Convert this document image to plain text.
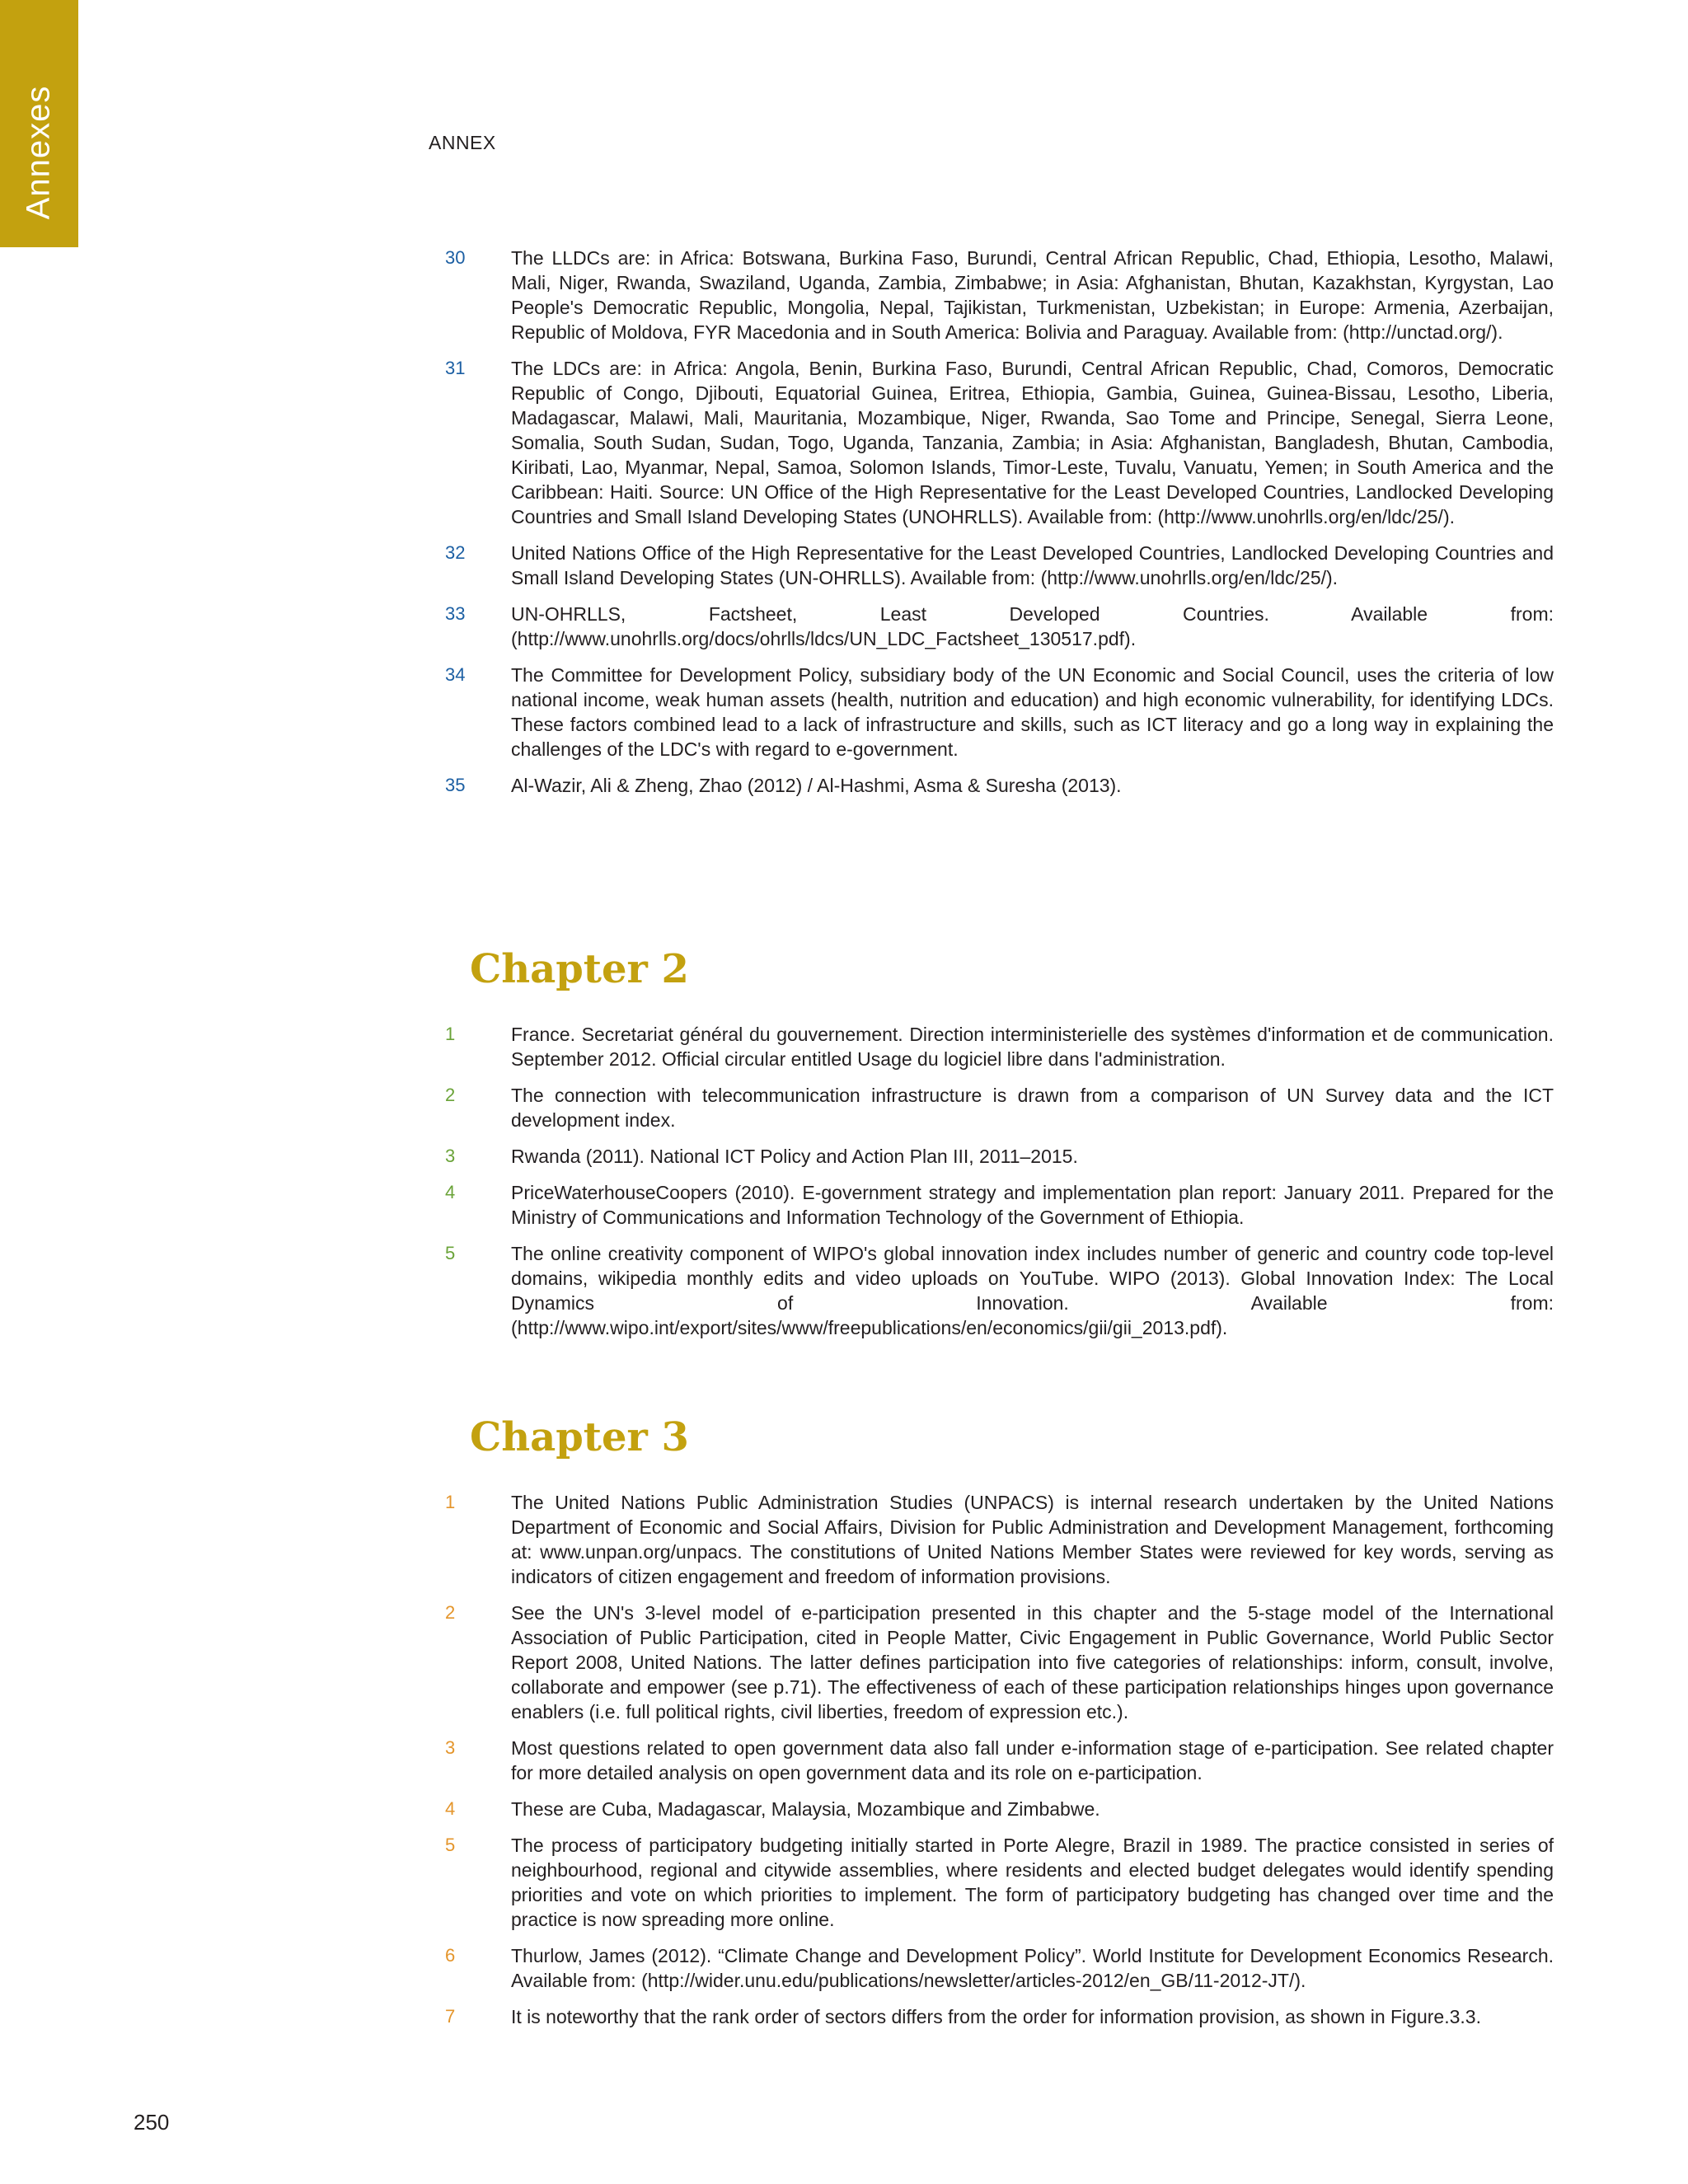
Annexes	ANNEX
30	The LLDCs are: in Africa: Botswana, Burkina Faso, Burundi, Central African Republic, Chad, Ethiopia, Lesotho, Malawi, Mali, Niger, Rwanda, Swaziland, Uganda, Zambia, Zimbabwe; in Asia: Afghanistan, Bhutan, Kazakhstan, Kyrgystan, Lao People's Democratic Republic, Mongolia, Nepal, Tajikistan, Turkmenistan, Uzbekistan; in Europe: Armenia, Azerbaijan, Republic of Moldova, FYR Macedonia and in South America: Bolivia and Paraguay. Available from: (http://unctad.org/).
31	The LDCs are: in Africa: Angola, Benin, Burkina Faso, Burundi, Central African Republic, Chad, Comoros, Democratic Republic of Congo, Djibouti, Equatorial Guinea, Eritrea, Ethiopia, Gambia, Guinea, Guinea-Bissau, Lesotho, Liberia, Madagascar, Malawi, Mali, Mauritania, Mozambique, Niger, Rwanda, Sao Tome and Principe, Senegal, Sierra Leone, Somalia, South Sudan, Sudan, Togo, Uganda, Tanzania, Zambia; in Asia: Afghanistan, Bangladesh, Bhutan, Cambodia, Kiribati, Lao, Myanmar, Nepal, Samoa, Solomon Islands, Timor-Leste, Tuvalu, Vanuatu, Yemen; in South America and the Caribbean: Haiti. Source: UN Office of the High Representative for the Least Developed Countries, Landlocked Developing Countries and Small Island Developing States (UNOHRLLS). Available from: (http://www.unohrlls.org/en/ldc/25/).
32	United Nations Office of the High Representative for the Least Developed Countries, Landlocked Developing Countries and Small Island Developing States (UN-OHRLLS). Available from: (http://www.unohrlls.org/en/ldc/25/).
33	UN-OHRLLS, Factsheet, Least Developed Countries. Available from: (http://www.unohrlls.org/docs/ohrlls/ldcs/UN_LDC_Factsheet_130517.pdf).
34	The Committee for Development Policy, subsidiary body of the UN Economic and Social Council, uses the criteria of low national income, weak human assets (health, nutrition and education) and high economic vulnerability, for identifying LDCs. These factors combined lead to a lack of infrastructure and skills, such as ICT literacy and go a long way in explaining the challenges of the LDC's with regard to e-government.
35	Al-Wazir, Ali & Zheng, Zhao (2012) / Al-Hashmi, Asma & Suresha (2013).
Chapter 2
1	France. Secretariat général du gouvernement. Direction interministerielle des systèmes d'information et de communication. September 2012. Official circular entitled Usage du logiciel libre dans l'administration.
2	The connection with telecommunication infrastructure is drawn from a comparison of UN Survey data and the ICT development index.
3	Rwanda (2011). National ICT Policy and Action Plan III, 2011–2015.
4	PriceWaterhouseCoopers (2010). E-government strategy and implementation plan report: January 2011. Prepared for the Ministry of Communications and Information Technology of the Government of Ethiopia.
5	The online creativity component of WIPO's global innovation index includes number of generic and country code top-level domains, wikipedia monthly edits and video uploads on YouTube. WIPO (2013). Global Innovation Index: The Local Dynamics of Innovation. Available from: (http://www.wipo.int/export/sites/www/freepublications/en/economics/gii/gii_2013.pdf).
Chapter 3
1	The United Nations Public Administration Studies (UNPACS) is internal research undertaken by the United Nations Department of Economic and Social Affairs, Division for Public Administration and Development Management, forthcoming at: www.unpan.org/unpacs. The constitutions of United Nations Member States were reviewed for key words, serving as indicators of citizen engagement and freedom of information provisions.
2	See the UN's 3-level model of e-participation presented in this chapter and the 5-stage model of the International Association of Public Participation, cited in People Matter, Civic Engagement in Public Governance, World Public Sector Report 2008, United Nations. The latter defines participation into five categories of relationships: inform, consult, involve, collaborate and empower (see p.71). The effectiveness of each of these participation relationships hinges upon governance enablers (i.e. full political rights, civil liberties, freedom of expression etc.).
3	Most questions related to open government data also fall under e-information stage of e-participation. See related chapter for more detailed analysis on open government data and its role on e-participation.
4	These are Cuba, Madagascar, Malaysia, Mozambique and Zimbabwe.
5	The process of participatory budgeting initially started in Porte Alegre, Brazil in 1989. The practice consisted in series of neighbourhood, regional and citywide assemblies, where residents and elected budget delegates would identify spending priorities and vote on which priorities to implement. The form of participatory budgeting has changed over time and the practice is now spreading more online.
6	Thurlow, James (2012). “Climate Change and Development Policy”. World Institute for Development Economics Research. Available from: (http://wider.unu.edu/publications/newsletter/articles-2012/en_GB/11-2012-JT/).
7	It is noteworthy that the rank order of sectors differs from the order for information provision, as shown in Figure.3.3.
250
